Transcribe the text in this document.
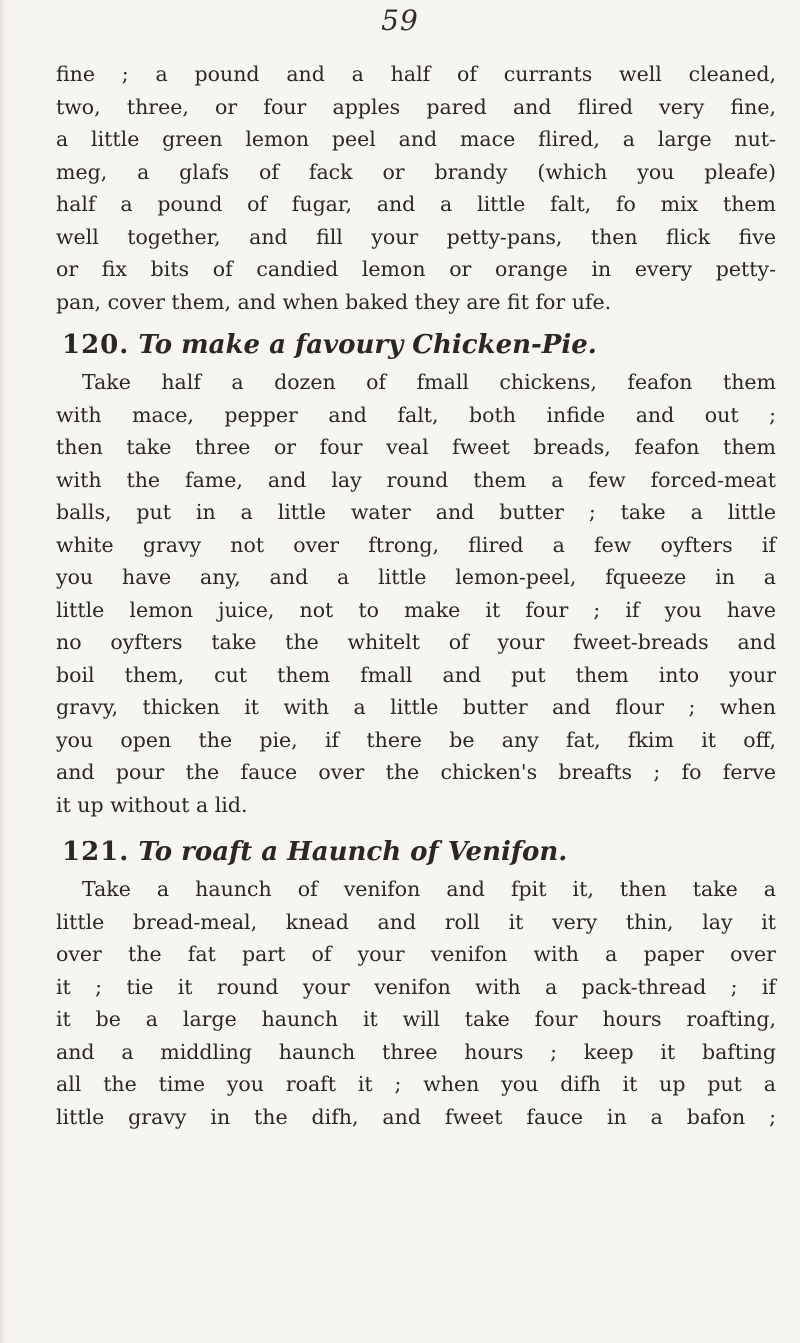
59

fine ; a pound and a half of currants well cleaned,
two, three, or four apples pared and flired very fine,
a little green lemon peel and mace flired, a large nut-
meg, a glafs of fack or brandy (which you pleafe)
half a pound of fugar, and a little falt, fo mix them
well together, and fill your petty-pans, then flick five
or fix bits of candied lemon or orange in every petty-
pan, cover them, and when baked they are fit for ufe.

120. To make a favoury Chicken-Pie.

Take half a dozen of fmall chickens, feafon them
with mace, pepper and falt, both infide and out ;
then take three or four veal fweet breads, feafon them
with the fame, and lay round them a few forced-meat
balls, put in a little water and butter ; take a little
white gravy not over ftrong, flired a few oyfters if
you have any, and a little lemon-peel, fqueeze in a
little lemon juice, not to make it four ; if you have
no oyfters take the whitelt of your fweet-breads and
boil them, cut them fmall and put them into your
gravy, thicken it with a little butter and flour ; when
you open the pie, if there be any fat, fkim it off,
and pour the fauce over the chicken's breafts ; fo ferve
it up without a lid.

121. To roaft a Haunch of Venifon.

Take a haunch of venifon and fpit it, then take a
little bread-meal, knead and roll it very thin, lay it
over the fat part of your venifon with a paper over
it ; tie it round your venifon with a pack-thread ; if
it be a large haunch it will take four hours roafting,
and a middling haunch three hours ; keep it bafting
all the time you roaft it ; when you difh it up put a
little gravy in the difh, and fweet fauce in a bafon ;
